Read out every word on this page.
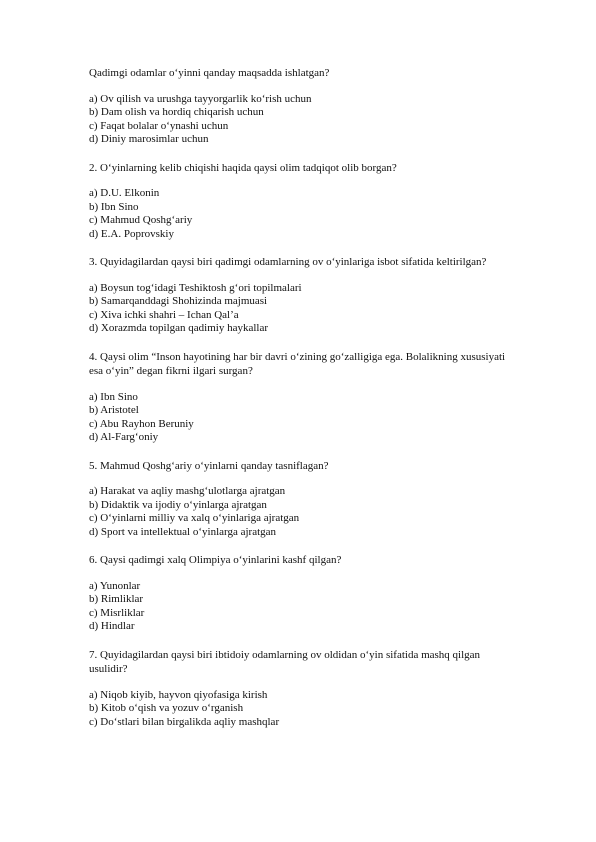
Qadimgi odamlar o‘yinni qanday maqsadda ishlatgan?

a) Ov qilish va urushga tayyorgarlik ko‘rish uchun
b) Dam olish va hordiq chiqarish uchun
c) Faqat bolalar o‘ynashi uchun
d) Diniy marosimlar uchun

2. O‘yinlarning kelib chiqishi haqida qaysi olim tadqiqot olib borgan?

a) D.U. Elkonin
b) Ibn Sino
c) Mahmud Qoshg‘ariy
d) E.A. Poprovskiy

3. Quyidagilardan qaysi biri qadimgi odamlarning ov o‘yinlariga isbot sifatida keltirilgan?

a) Boysun tog‘idagi Teshiktosh g‘ori topilmalari
b) Samarqanddagi Shohizinda majmuasi
c) Xiva ichki shahri – Ichan Qal’a
d) Xorazmda topilgan qadimiy haykallar

4. Qaysi olim “Inson hayotining har bir davri o‘zining go‘zalligiga ega. Bolalikning xususiyati esa o‘yin” degan fikrni ilgari surgan?

a) Ibn Sino
b) Aristotel
c) Abu Rayhon Beruniy
d) Al-Farg‘oniy

5. Mahmud Qoshg‘ariy o‘yinlarni qanday tasniflagan?

a) Harakat va aqliy mashg‘ulotlarga ajratgan
b) Didaktik va ijodiy o‘yinlarga ajratgan
c) O‘yinlarni milliy va xalq o‘yinlariga ajratgan
d) Sport va intellektual o‘yinlarga ajratgan

6. Qaysi qadimgi xalq Olimpiya o‘yinlarini kashf qilgan?

a) Yunonlar
b) Rimliklar
c) Misrliklar
d) Hindlar

7. Quyidagilardan qaysi biri ibtidoiy odamlarning ov oldidan o‘yin sifatida mashq qilgan usulidir?

a) Niqob kiyib, hayvon qiyofasiga kirish
b) Kitob o‘qish va yozuv o‘rganish
c) Do‘stlari bilan birgalikda aqliy mashqlar
